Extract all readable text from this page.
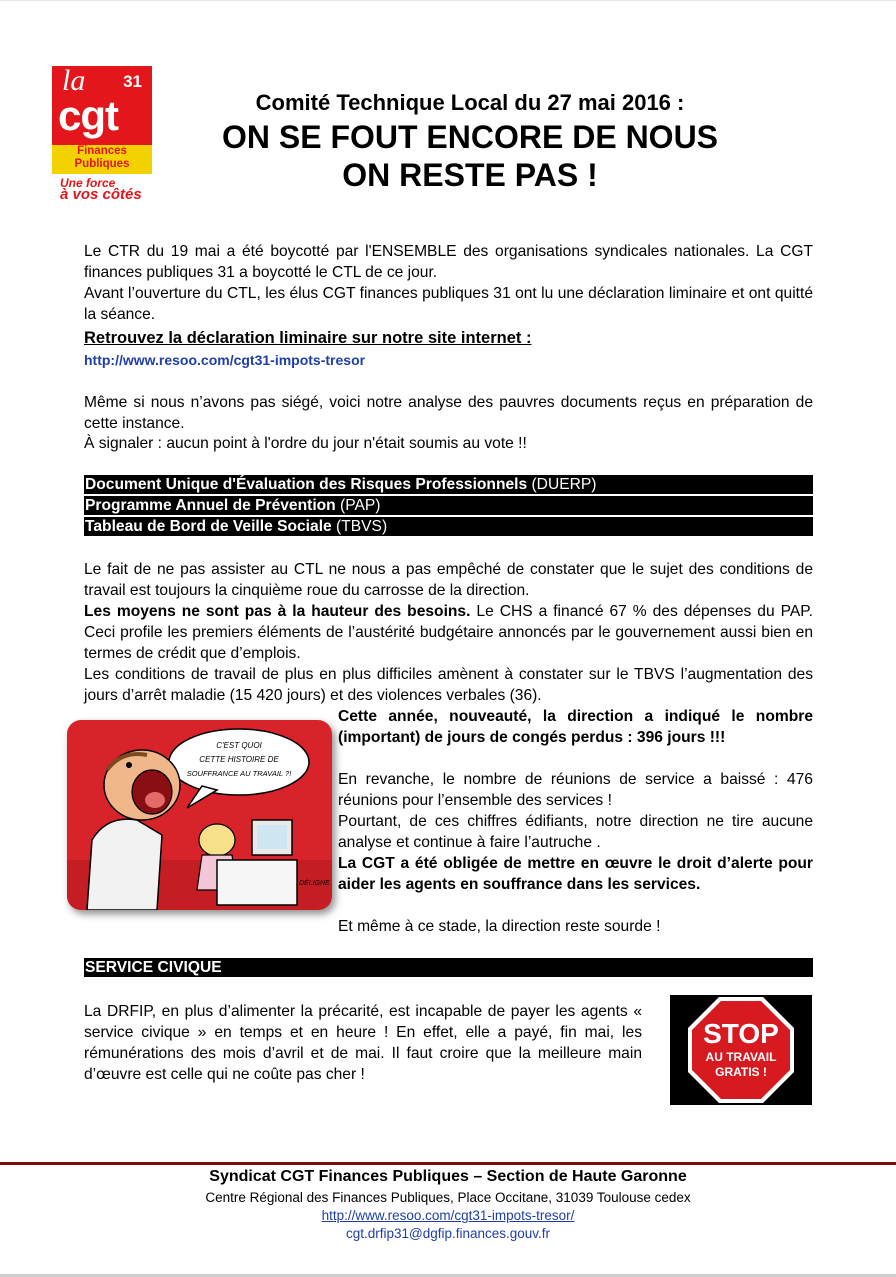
la 31
cgt
Finances
Publiques
Une force
à vos côtés
Comité Technique Local du 27 mai 2016 :
ON SE FOUT ENCORE DE NOUS
ON RESTE PAS !

Le CTR du 19 mai a été boycotté par l'ENSEMBLE des organisations syndicales nationales. La CGT finances publiques 31 a boycotté le CTL de ce jour.

Avant l’ouverture du CTL, les élus CGT finances publiques 31 ont lu une déclaration liminaire et ont quitté la séance.

Retrouvez la déclaration liminaire sur notre site internet :
http://www.resoo.com/cgt31-impots-tresor

Même si nous n’avons pas siégé, voici notre analyse des pauvres documents reçus en préparation de cette instance.

À signaler : aucun point à l'ordre du jour n'était soumis au vote !!

Document Unique d'Évaluation des Risques Professionnels (DUERP)
Programme Annuel de Prévention (PAP)
Tableau de Bord de Veille Sociale (TBVS)

Le fait de ne pas assister au CTL ne nous a pas empêché de constater que le sujet des conditions de travail est toujours la cinquième roue du carrosse de la direction.

Les moyens ne sont pas à la hauteur des besoins. Le CHS a financé 67 % des dépenses du PAP. Ceci profile les premiers éléments de l’austérité budgétaire annoncés par le gouvernement aussi bien en termes de crédit que d’emplois.

Les conditions de travail de plus en plus difficiles amènent à constater sur le TBVS l’augmentation des jours d’arrêt maladie (15 420 jours) et des violences verbales (36).

C'EST QUOI
CETTE HISTOIRE DE
SOUFFRANCE AU TRAVAIL ?!
DÉLIGNE

Cette année, nouveauté, la direction a indiqué le nombre (important) de jours de congés perdus : 396 jours !!!

En revanche, le nombre de réunions de service a baissé : 476 réunions pour l’ensemble des services !

Pourtant, de ces chiffres édifiants, notre direction ne tire aucune analyse et continue à faire l’autruche .

La CGT a été obligée de mettre en œuvre le droit d’alerte pour aider les agents en souffrance dans les services.

Et même à ce stade, la direction reste sourde !

SERVICE CIVIQUE

La DRFIP, en plus d’alimenter la précarité, est incapable de payer les agents « service civique » en temps et en heure ! En effet, elle a payé, fin mai, les rémunérations des mois d’avril et de mai. Il faut croire que la meilleure main d’œuvre est celle qui ne coûte pas cher !

STOP
AU TRAVAIL
GRATIS !
Syndicat CGT Finances Publiques – Section de Haute Garonne
Centre Régional des Finances Publiques, Place Occitane, 31039 Toulouse cedex
http://www.resoo.com/cgt31-impots-tresor/
cgt.drfip31@dgfip.finances.gouv.fr
